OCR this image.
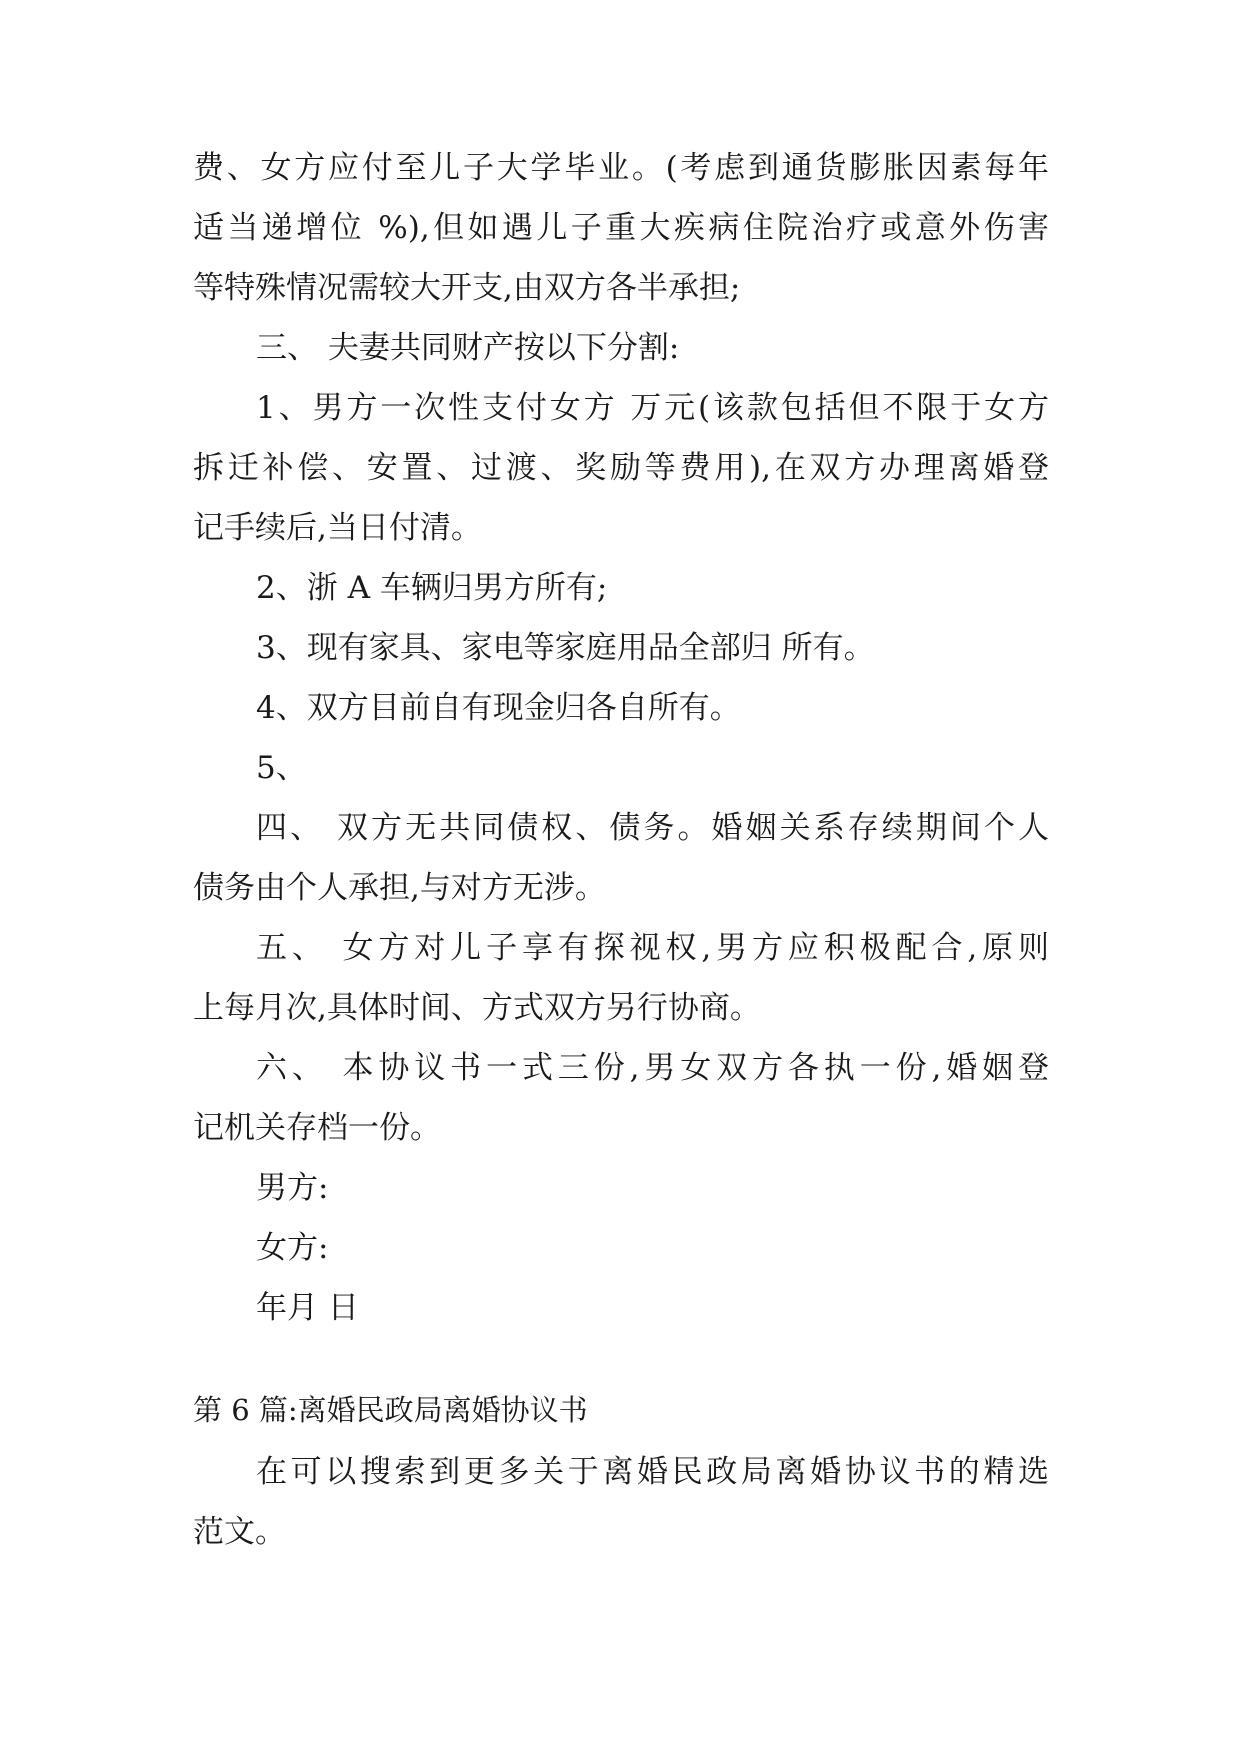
费、女方应付至儿子大学毕业。(考虑到通货膨胀因素每年
适当递增位 %),但如遇儿子重大疾病住院治疗或意外伤害
等特殊情况需较大开支,由双方各半承担;
三、 夫妻共同财产按以下分割:
1、男方一次性支付女方 万元(该款包括但不限于女方
拆迁补偿、安置、过渡、奖励等费用),在双方办理离婚登
记手续后,当日付清。
2、浙 A 车辆归男方所有;
3、现有家具、家电等家庭用品全部归 所有。
4、双方目前自有现金归各自所有。
5、
四、 双方无共同债权、债务。婚姻关系存续期间个人
债务由个人承担,与对方无涉。
五、 女方对儿子享有探视权,男方应积极配合,原则
上每月次,具体时间、方式双方另行协商。
六、 本协议书一式三份,男女双方各执一份,婚姻登
记机关存档一份。
男方:
女方:
年月 日
第 6 篇:离婚民政局离婚协议书
在可以搜索到更多关于离婚民政局离婚协议书的精选
范文。
